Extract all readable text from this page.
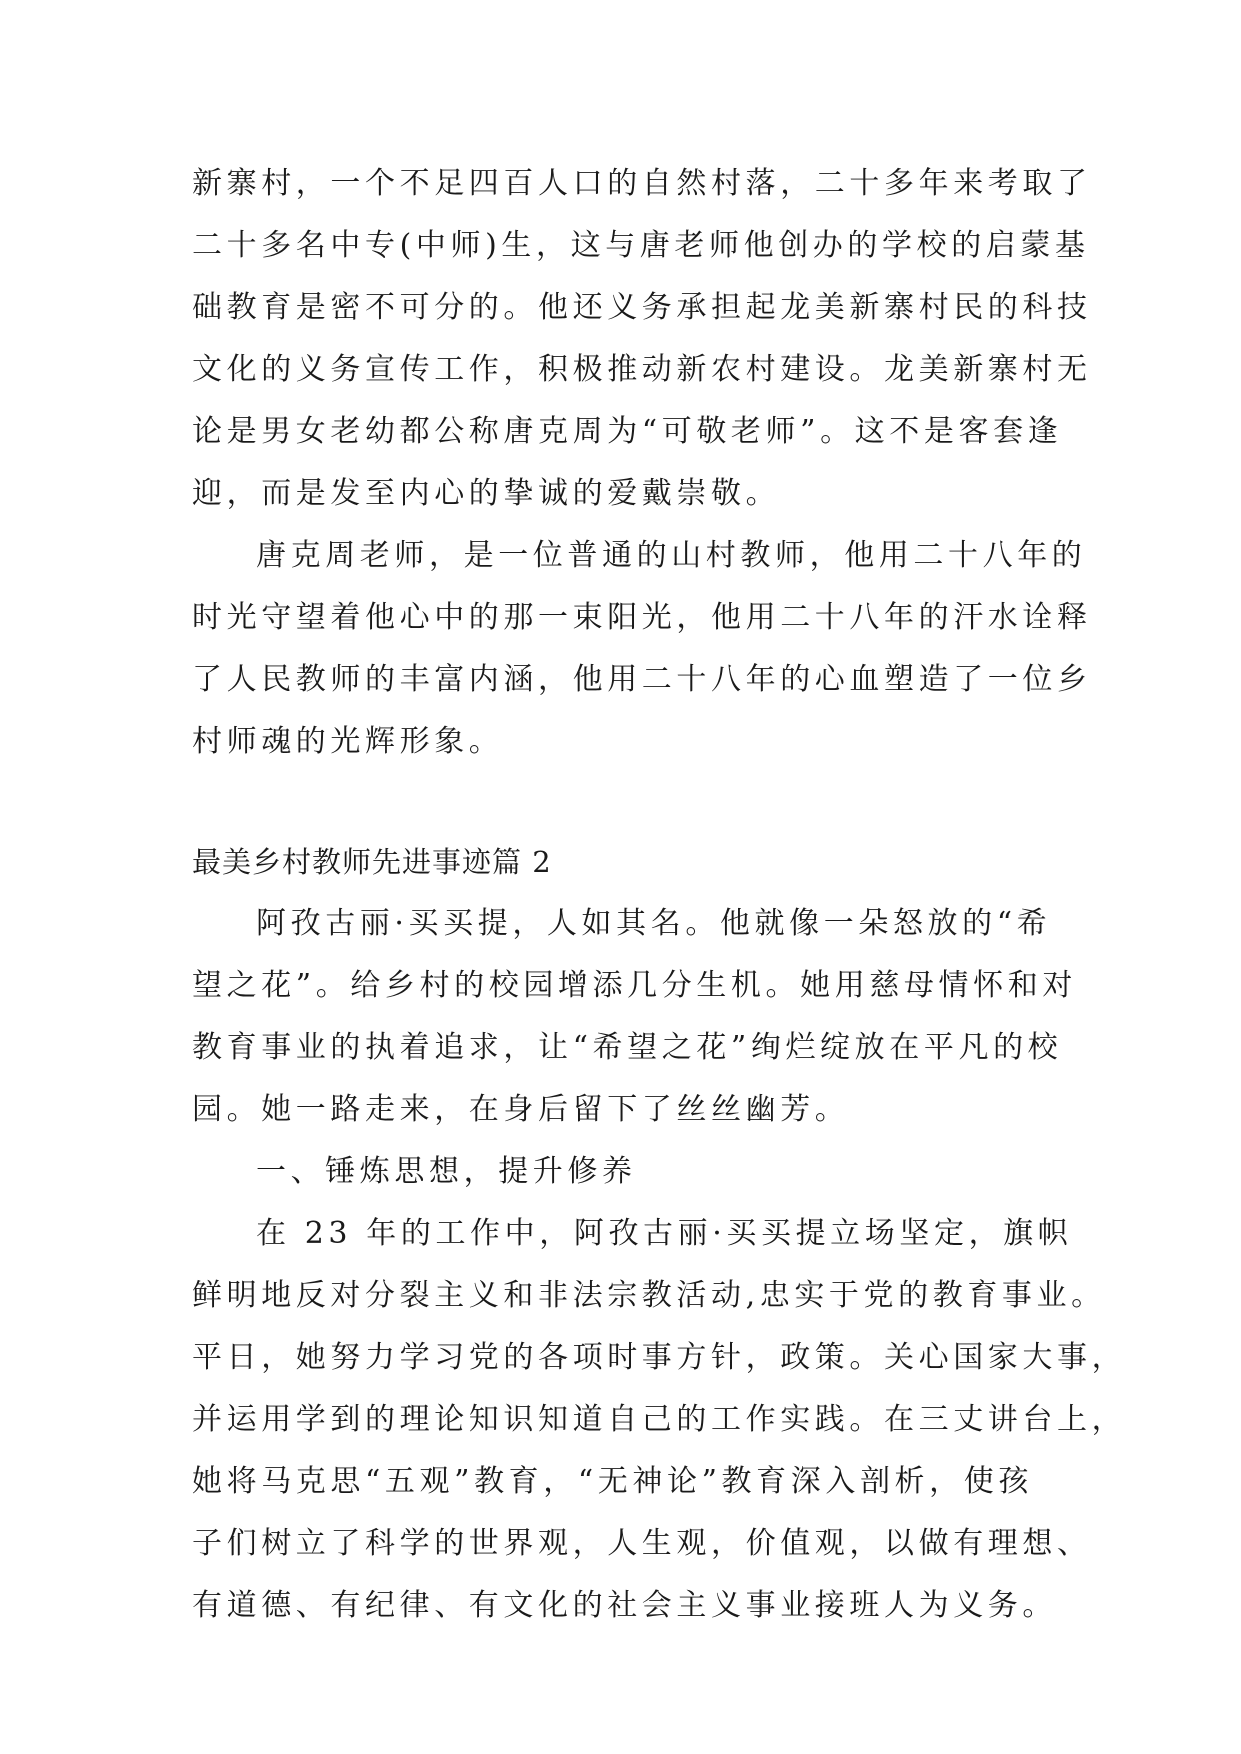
新寨村，一个不足四百人口的自然村落，二十多年来考取了
二十多名中专(中师)生，这与唐老师他创办的学校的启蒙基
础教育是密不可分的。他还义务承担起龙美新寨村民的科技
文化的义务宣传工作，积极推动新农村建设。龙美新寨村无
论是男女老幼都公称唐克周为“可敬老师”。这不是客套逢
迎，而是发至内心的挚诚的爱戴崇敬。
唐克周老师，是一位普通的山村教师，他用二十八年的
时光守望着他心中的那一束阳光，他用二十八年的汗水诠释
了人民教师的丰富内涵，他用二十八年的心血塑造了一位乡
村师魂的光辉形象。
最美乡村教师先进事迹篇 2
阿孜古丽·买买提，人如其名。他就像一朵怒放的“希
望之花”。给乡村的校园增添几分生机。她用慈母情怀和对
教育事业的执着追求，让“希望之花”绚烂绽放在平凡的校
园。她一路走来，在身后留下了丝丝幽芳。
一、锤炼思想，提升修养
在 23 年的工作中，阿孜古丽·买买提立场坚定，旗帜
鲜明地反对分裂主义和非法宗教活动,忠实于党的教育事业。
平日，她努力学习党的各项时事方针，政策。关心国家大事，
并运用学到的理论知识知道自己的工作实践。在三丈讲台上，
她将马克思“五观”教育，“无神论”教育深入剖析，使孩
子们树立了科学的世界观，人生观，价值观，以做有理想、
有道德、有纪律、有文化的社会主义事业接班人为义务。
